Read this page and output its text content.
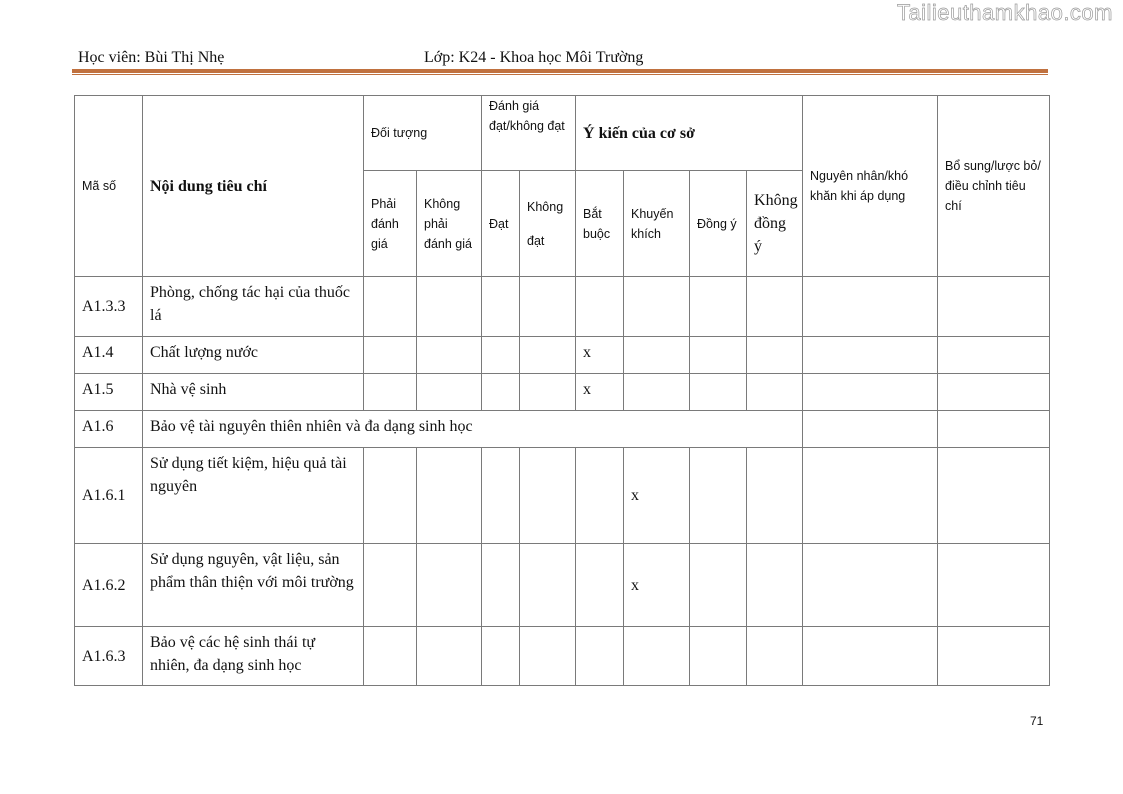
Tailieuthamkhao.com
Học viên: Bùi Thị Nhẹ	Lớp: K24 - Khoa học Môi Trường
Mã số	Nội dung tiêu chí	Đối tượng		Đánh giá đạt/không đạt		Ý kiến của cơ sở				Nguyên nhân/khó khăn khi áp dụng	Bổ sung/lược bỏ/điều chỉnh tiêu chí
		Phải đánh giá	Không phải đánh giá	Đạt	Không đạt	Bắt buộc	Khuyến khích	Đồng ý	Không đồng ý		
A1.3.3	Phòng, chống tác hại của thuốc lá										
A1.4	Chất lượng nước					x					
A1.5	Nhà vệ sinh					x					
A1.6	Bảo vệ tài nguyên thiên nhiên và đa dạng sinh học										
A1.6.1	Sử dụng tiết kiệm, hiệu quả tài nguyên						x				
A1.6.2	Sử dụng nguyên, vật liệu, sản phẩm thân thiện với môi trường						x				
A1.6.3	Bảo vệ các hệ sinh thái tự nhiên, đa dạng sinh học										
71
